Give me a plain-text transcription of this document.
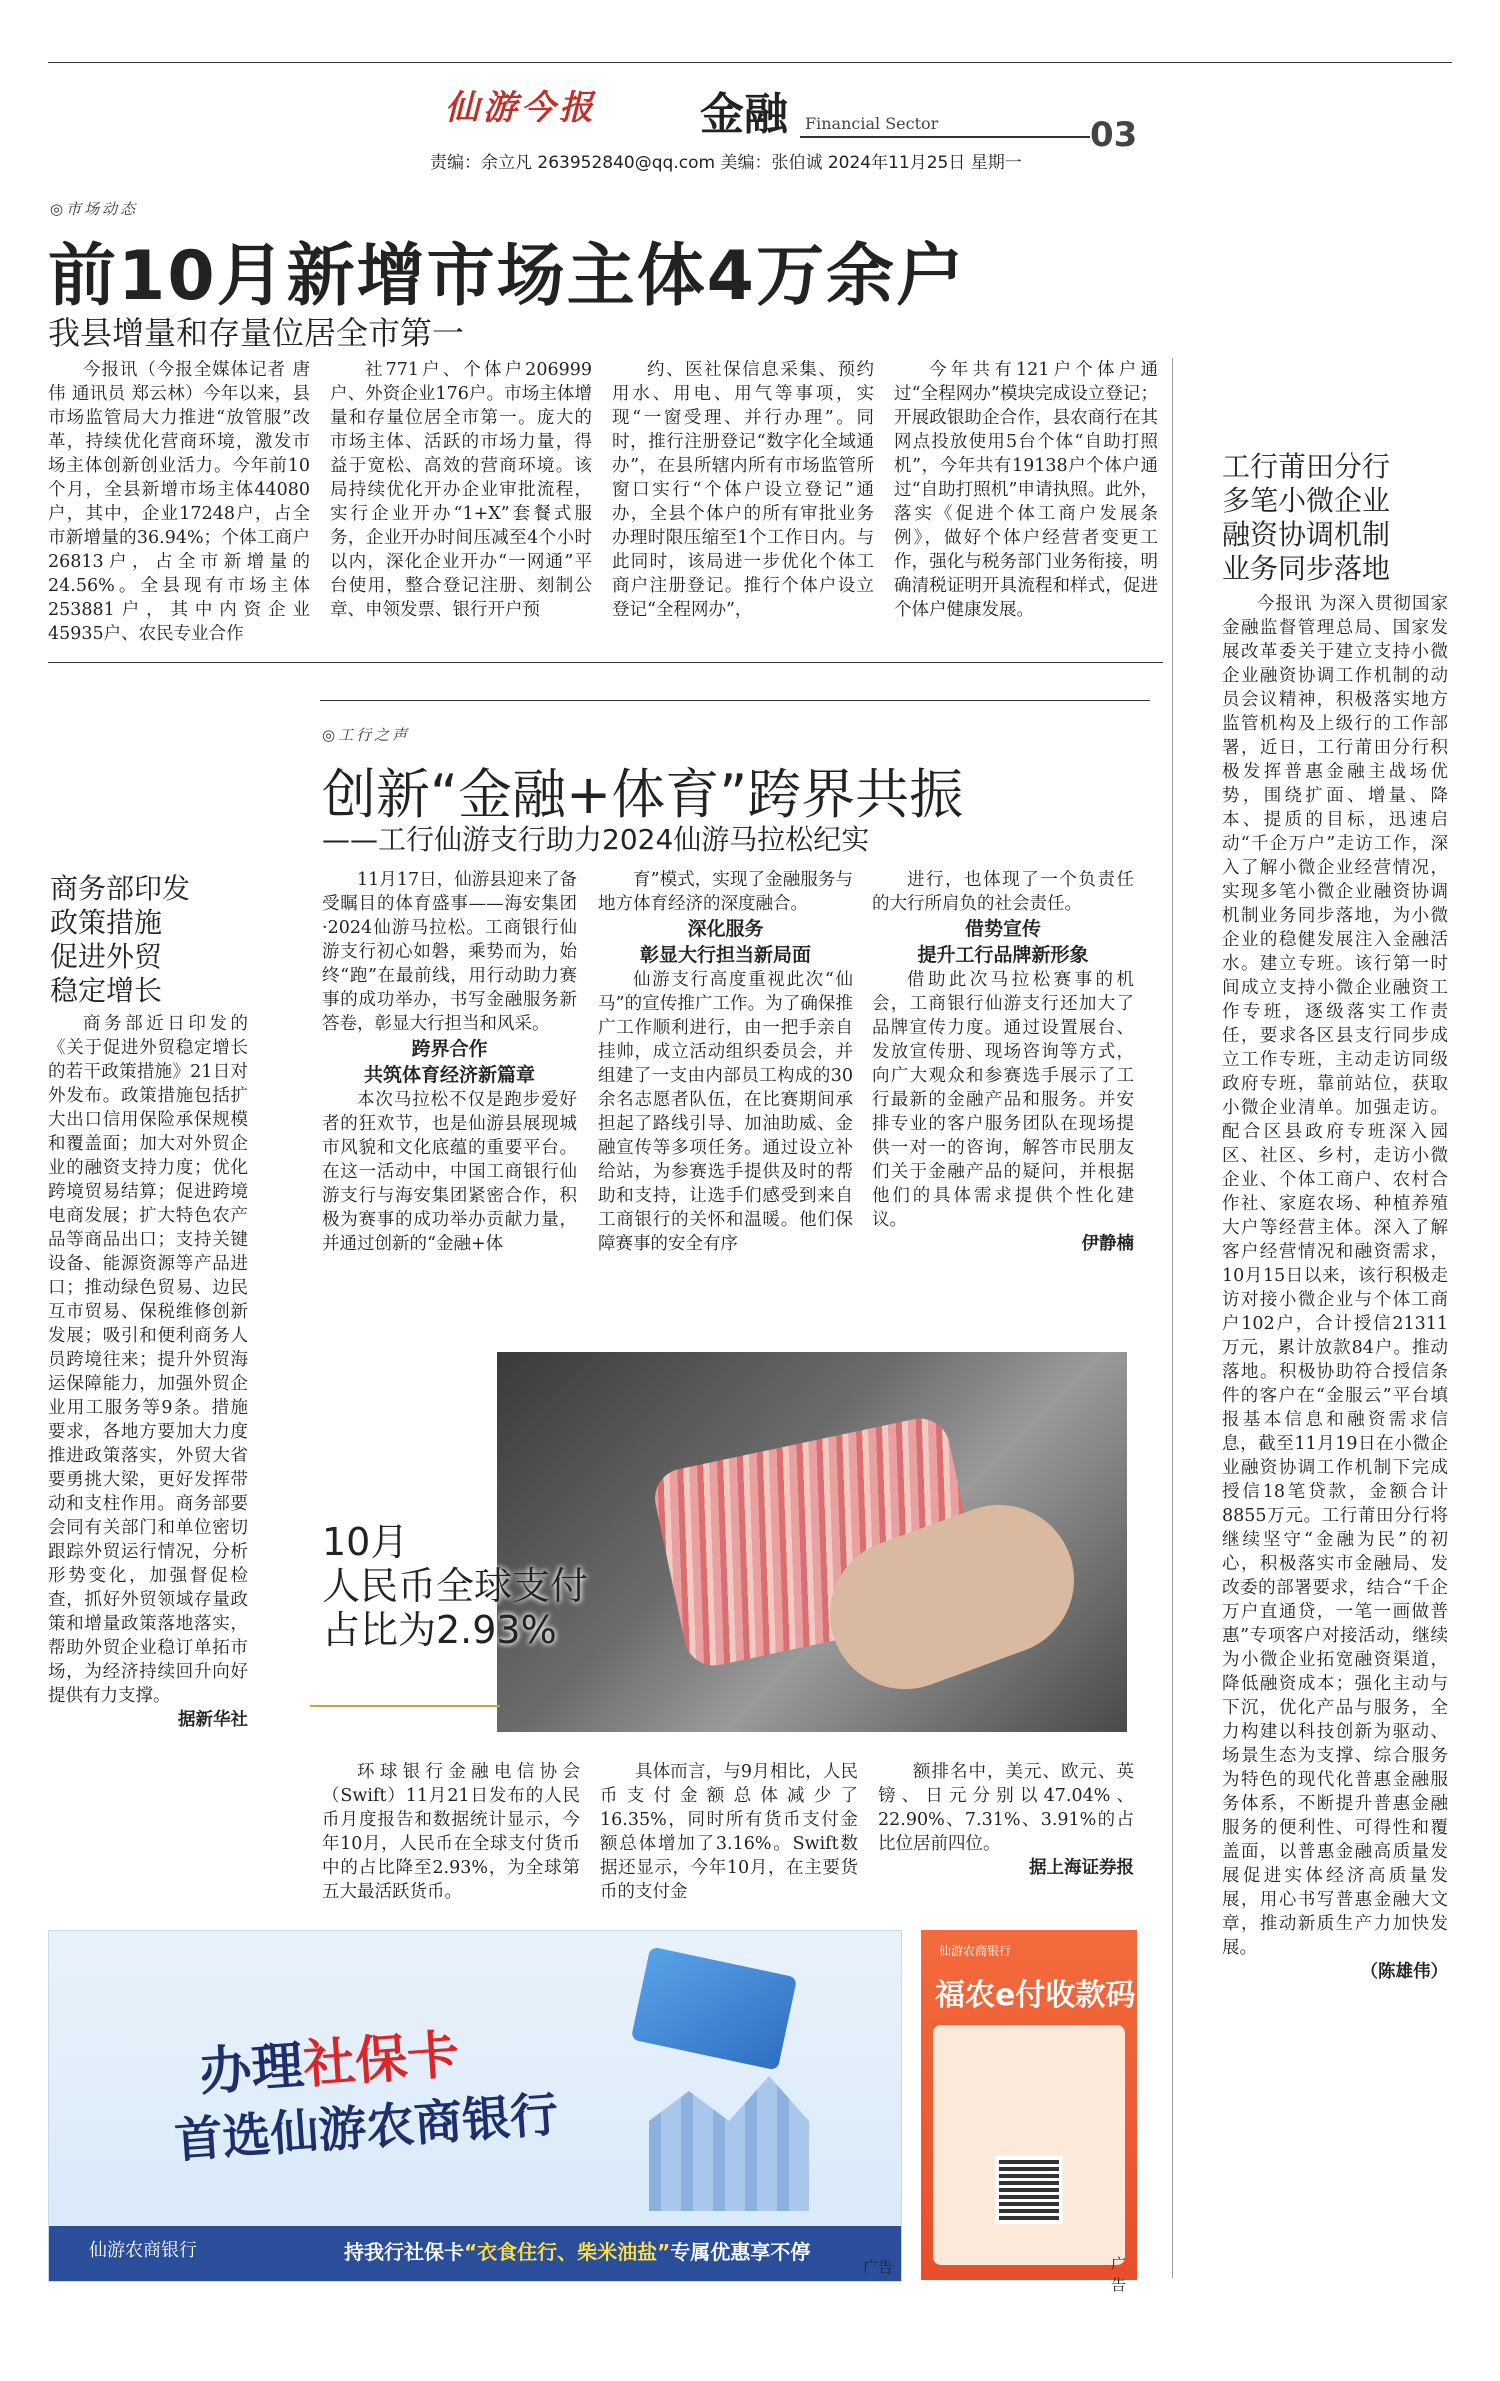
仙游今报 金融 Financial Sector	03
责编：余立凡 263952840@qq.com 美编：张伯诚 2024年11月25日 星期一
◎市场动态
前10月新增市场主体4万余户
我县增量和存量位居全市第一

今报讯（今报全媒体记者 唐伟 通讯员 郑云林）今年以来，县市场监管局大力推进“放管服”改革，持续优化营商环境，激发市场主体创新创业活力。今年前10个月，全县新增市场主体44080户，其中，企业17248户，占全市新增量的36.94%；个体工商户26813户，占全市新增量的24.56%。全县现有市场主体253881户，其中内资企业45935户、农民专业合作

社771户、个体户206999户、外资企业176户。市场主体增量和存量位居全市第一。庞大的市场主体、活跃的市场力量，得益于宽松、高效的营商环境。该局持续优化开办企业审批流程，实行企业开办“1+X”套餐式服务，企业开办时间压减至4个小时以内，深化企业开办“一网通”平台使用，整合登记注册、刻制公章、申领发票、银行开户预

约、医社保信息采集、预约用水、用电、用气等事项，实现“一窗受理、并行办理”。同时，推行注册登记“数字化全域通办”，在县所辖内所有市场监管所窗口实行“个体户设立登记”通办，全县个体户的所有审批业务办理时限压缩至1个工作日内。与此同时，该局进一步优化个体工商户注册登记。推行个体户设立登记“全程网办”，

今年共有121户个体户通过“全程网办”模块完成设立登记；开展政银助企合作，县农商行在其网点投放使用5台个体“自助打照机”，今年共有19138户个体户通过“自助打照机”申请执照。此外，落实《促进个体工商户发展条例》，做好个体户经营者变更工作，强化与税务部门业务衔接，明确清税证明开具流程和样式，促进个体户健康发展。

工行莆田分行
多笔小微企业
融资协调机制
业务同步落地

今报讯 为深入贯彻国家金融监督管理总局、国家发展改革委关于建立支持小微企业融资协调工作机制的动员会议精神，积极落实地方监管机构及上级行的工作部署，近日，工行莆田分行积极发挥普惠金融主战场优势，围绕扩面、增量、降本、提质的目标，迅速启动“千企万户”走访工作，深入了解小微企业经营情况，实现多笔小微企业融资协调机制业务同步落地，为小微企业的稳健发展注入金融活水。建立专班。该行第一时间成立支持小微企业融资工作专班，逐级落实工作责任，要求各区县支行同步成立工作专班，主动走访同级政府专班，靠前站位，获取小微企业清单。加强走访。配合区县政府专班深入园区、社区、乡村，走访小微企业、个体工商户、农村合作社、家庭农场、种植养殖大户等经营主体。深入了解客户经营情况和融资需求，10月15日以来，该行积极走访对接小微企业与个体工商户102户，合计授信21311万元，累计放款84户。推动落地。积极协助符合授信条件的客户在“金服云”平台填报基本信息和融资需求信息，截至11月19日在小微企业融资协调工作机制下完成授信18笔贷款，金额合计8855万元。工行莆田分行将继续坚守“金融为民”的初心，积极落实市金融局、发改委的部署要求，结合“千企万户直通贷，一笔一画做普惠”专项客户对接活动，继续为小微企业拓宽融资渠道，降低融资成本；强化主动与下沉，优化产品与服务，全力构建以科技创新为驱动、场景生态为支撑、综合服务为特色的现代化普惠金融服务体系，不断提升普惠金融服务的便利性、可得性和覆盖面，以普惠金融高质量发展促进实体经济高质量发展，用心书写普惠金融大文章，推动新质生产力加快发展。

（陈雄伟）

商务部印发
政策措施
促进外贸
稳定增长

商务部近日印发的《关于促进外贸稳定增长的若干政策措施》21日对外发布。政策措施包括扩大出口信用保险承保规模和覆盖面；加大对外贸企业的融资支持力度；优化跨境贸易结算；促进跨境电商发展；扩大特色农产品等商品出口；支持关键设备、能源资源等产品进口；推动绿色贸易、边民互市贸易、保税维修创新发展；吸引和便利商务人员跨境往来；提升外贸海运保障能力，加强外贸企业用工服务等9条。措施要求，各地方要加大力度推进政策落实，外贸大省要勇挑大梁，更好发挥带动和支柱作用。商务部要会同有关部门和单位密切跟踪外贸运行情况，分析形势变化，加强督促检查，抓好外贸领域存量政策和增量政策落地落实，帮助外贸企业稳订单拓市场，为经济持续回升向好提供有力支撑。

据新华社

◎工行之声
创新“金融+体育”跨界共振
——工行仙游支行助力2024仙游马拉松纪实

11月17日，仙游县迎来了备受瞩目的体育盛事——海安集团·2024仙游马拉松。工商银行仙游支行初心如磐，乘势而为，始终“跑”在最前线，用行动助力赛事的成功举办，书写金融服务新答卷，彰显大行担当和风采。

跨界合作
共筑体育经济新篇章

本次马拉松不仅是跑步爱好者的狂欢节，也是仙游县展现城市风貌和文化底蕴的重要平台。在这一活动中，中国工商银行仙游支行与海安集团紧密合作，积极为赛事的成功举办贡献力量，并通过创新的“金融+体

育”模式，实现了金融服务与地方体育经济的深度融合。

深化服务
彰显大行担当新局面

仙游支行高度重视此次“仙马”的宣传推广工作。为了确保推广工作顺利进行，由一把手亲自挂帅，成立活动组织委员会，并组建了一支由内部员工构成的30余名志愿者队伍，在比赛期间承担起了路线引导、加油助威、金融宣传等多项任务。通过设立补给站，为参赛选手提供及时的帮助和支持，让选手们感受到来自工商银行的关怀和温暖。他们保障赛事的安全有序

进行，也体现了一个负责任的大行所肩负的社会责任。

借势宣传
提升工行品牌新形象

借助此次马拉松赛事的机会，工商银行仙游支行还加大了品牌宣传力度。通过设置展台、发放宣传册、现场咨询等方式，向广大观众和参赛选手展示了工行最新的金融产品和服务。并安排专业的客户服务团队在现场提供一对一的咨询，解答市民朋友们关于金融产品的疑问，并根据他们的具体需求提供个性化建议。

伊静楠

10月
人民币全球支付
占比为2.93%

环球银行金融电信协会（Swift）11月21日发布的人民币月度报告和数据统计显示，今年10月，人民币在全球支付货币中的占比降至2.93%，为全球第五大最活跃货币。

具体而言，与9月相比，人民币支付金额总体减少了16.35%，同时所有货币支付金额总体增加了3.16%。Swift数据还显示，今年10月，在主要货币的支付金

额排名中，美元、欧元、英镑、日元分别以47.04%、22.90%、7.31%、3.91%的占比位居前四位。

据上海证券报

办理社保卡
首选仙游农商银行
仙游农商银行	持我行社保卡“衣食住行、柴米油盐”专属优惠享不停
广告
仙游农商银行
福农e付收款码
广告
